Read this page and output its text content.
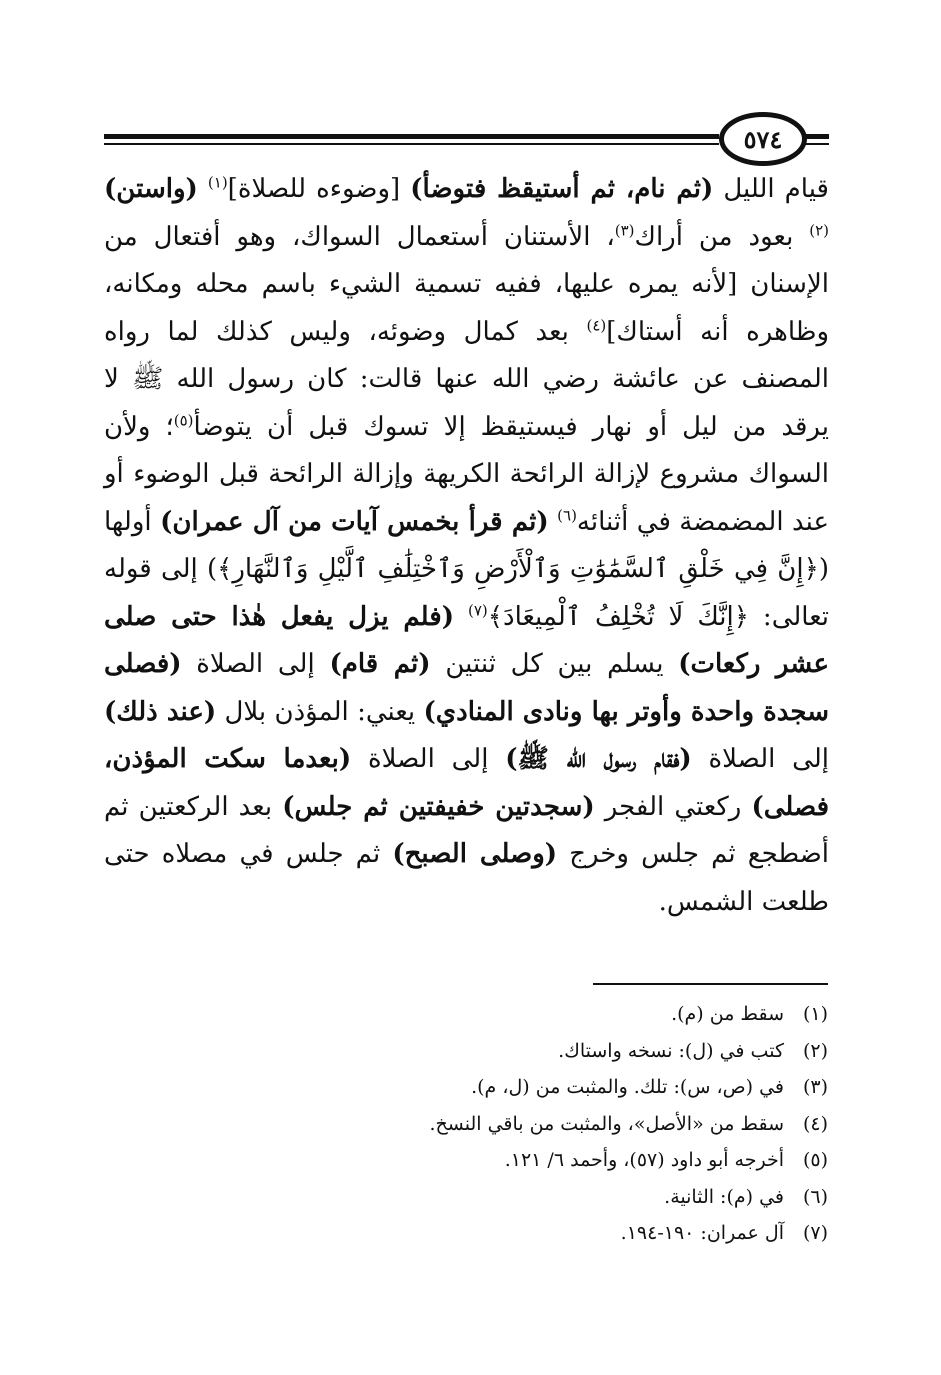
٥٧٤

قيام الليل (ثم نام، ثم أستيقظ فتوضأ) [وضوءه للصلاة]$^{(١)}$ (واستن)$^{(٢)}$ بعود من أراك$^{(٣)}$، الأستنان أستعمال السواك، وهو أفتعال من الإسنان [لأنه يمره عليها، ففيه تسمية الشيء باسم محله ومكانه، وظاهره أنه أستاك]$^{(٤)}$ بعد كمال وضوئه، وليس كذلك لما رواه المصنف عن عائشة رضي الله عنها قالت: كان رسول الله ﷺ لا يرقد من ليل أو نهار فيستيقظ إلا تسوك قبل أن يتوضأ$^{(٥)}$؛ ولأن السواك مشروع لإزالة الرائحة الكريهة وإزالة الرائحة قبل الوضوء أو عند المضمضة في أثنائه$^{(٦)}$ (ثم قرأ بخمس آيات من آل عمران) أولها (﴿إِنَّ فِي خَلْقِ ٱلسَّمَٰوَٰتِ وَٱلْأَرْضِ وَٱخْتِلَٰفِ ٱلَّيْلِ وَٱلنَّهَارِ﴾) إلى قوله تعالى: ﴿إِنَّكَ لَا تُخْلِفُ ٱلْمِيعَادَ﴾$^{(٧)}$ (فلم يزل يفعل هٰذا حتى صلى عشر ركعات) يسلم بين كل ثنتين (ثم قام) إلى الصلاة (فصلى سجدة واحدة وأوتر بها ونادى المنادي) يعني: المؤذن بلال (عند ذلك) إلى الصلاة (فقام رسول الله ﷺ) إلى الصلاة (بعدما سكت المؤذن، فصلى) ركعتي الفجر (سجدتين خفيفتين ثم جلس) بعد الركعتين ثم أضطجع ثم جلس وخرج (وصلى الصبح) ثم جلس في مصلاه حتى طلعت الشمس.

(١)
سقط من (م).
(٢)
كتب في (ل): نسخه واستاك.
(٣)
في (ص، س): تلك. والمثبت من (ل، م).
(٤)
سقط من «الأصل»، والمثبت من باقي النسخ.
(٥)
أخرجه أبو داود (٥٧)، وأحمد ٦/ ١٢١.
(٦)
في (م): الثانية.
(٧)
آل عمران: ١٩٠-١٩٤.
